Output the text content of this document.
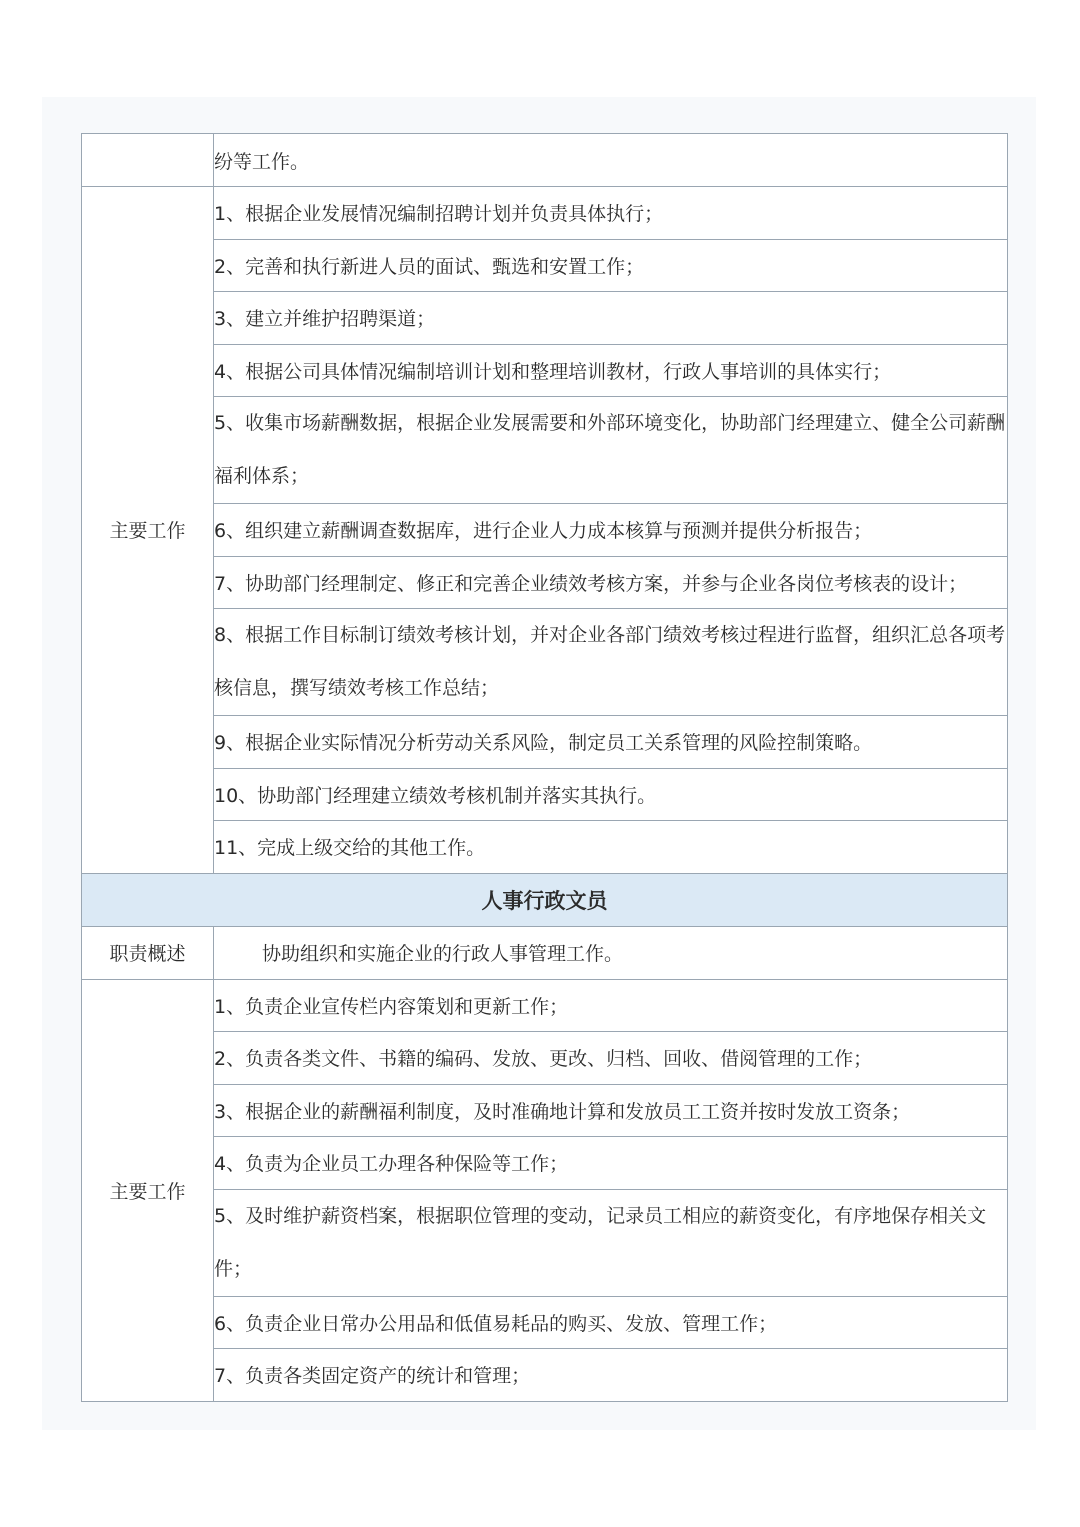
	纷等工作。
主要工作	1、根据企业发展情况编制招聘计划并负责具体执行；
	2、完善和执行新进人员的面试、甄选和安置工作；
	3、建立并维护招聘渠道；
	4、根据公司具体情况编制培训计划和整理培训教材，行政人事培训的具体实行；
	5、收集市场薪酬数据，根据企业发展需要和外部环境变化，协助部门经理建立、健全公司薪酬福利体系；
	6、组织建立薪酬调查数据库，进行企业人力成本核算与预测并提供分析报告；
	7、协助部门经理制定、修正和完善企业绩效考核方案，并参与企业各岗位考核表的设计；
	8、根据工作目标制订绩效考核计划，并对企业各部门绩效考核过程进行监督，组织汇总各项考核信息，撰写绩效考核工作总结；
	9、根据企业实际情况分析劳动关系风险，制定员工关系管理的风险控制策略。
	10、协助部门经理建立绩效考核机制并落实其执行。
	11、完成上级交给的其他工作。
人事行政文员	
职责概述	协助组织和实施企业的行政人事管理工作。
主要工作	1、负责企业宣传栏内容策划和更新工作；
	2、负责各类文件、书籍的编码、发放、更改、归档、回收、借阅管理的工作；
	3、根据企业的薪酬福利制度，及时准确地计算和发放员工工资并按时发放工资条；
	4、负责为企业员工办理各种保险等工作；
	5、及时维护薪资档案，根据职位管理的变动，记录员工相应的薪资变化，有序地保存相关文件；
	6、负责企业日常办公用品和低值易耗品的购买、发放、管理工作；
	7、负责各类固定资产的统计和管理；
